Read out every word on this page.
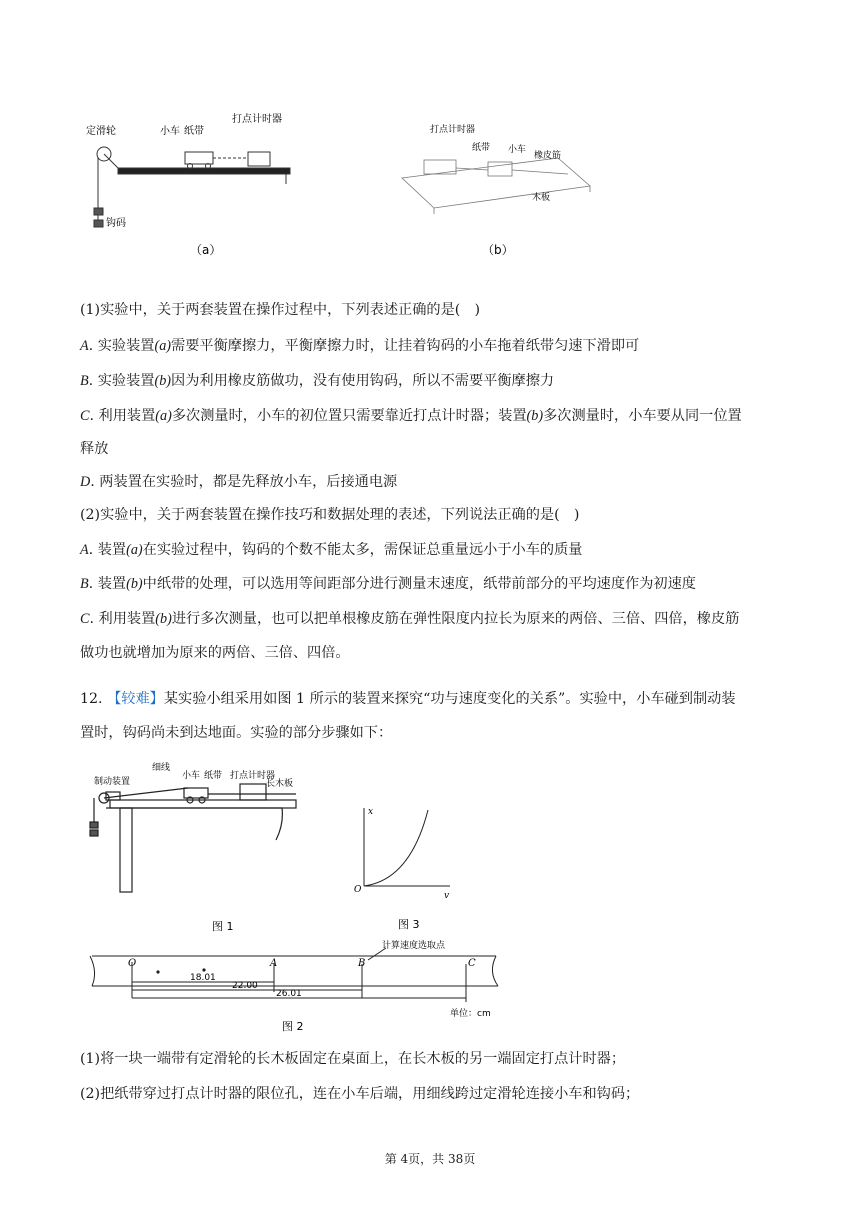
定滑轮	小车 纸带
打点计时器
钩码
（a）
打点计时器
纸带 小车
橡皮筋
木板
（b）
(1)实验中，关于两套装置在操作过程中，下列表述正确的是(　)
A. 实验装置(a)需要平衡摩擦力，平衡摩擦力时，让挂着钩码的小车拖着纸带匀速下滑即可
B. 实验装置(b)因为利用橡皮筋做功，没有使用钩码，所以不需要平衡摩擦力
C. 利用装置(a)多次测量时，小车的初位置只需要靠近打点计时器；装置(b)多次测量时，小车要从同一位置
释放
D. 两装置在实验时，都是先释放小车，后接通电源
(2)实验中，关于两套装置在操作技巧和数据处理的表述，下列说法正确的是(　)
A. 装置(a)在实验过程中，钩码的个数不能太多，需保证总重量远小于小车的质量
B. 装置(b)中纸带的处理，可以选用等间距部分进行测量末速度，纸带前部分的平均速度作为初速度
C. 利用装置(b)进行多次测量，也可以把单根橡皮筋在弹性限度内拉长为原来的两倍、三倍、四倍，橡皮筋
做功也就增加为原来的两倍、三倍、四倍。
12. 【较难】某实验小组采用如图 1 所示的装置来探究“功与速度变化的关系”。实验中，小车碰到制动装
置时，钩码尚未到达地面。实验的部分步骤如下：
细线
制动装置
小车 纸带 打点计时器
长木板
图 1
x
v
O
图 3
O	A	B	C
计算速度选取点
18.01
22.00
26.01
单位：cm
图 2
(1)将一块一端带有定滑轮的长木板固定在桌面上，在长木板的另一端固定打点计时器；
(2)把纸带穿过打点计时器的限位孔，连在小车后端，用细线跨过定滑轮连接小车和钩码；
第 4页，共 38页
